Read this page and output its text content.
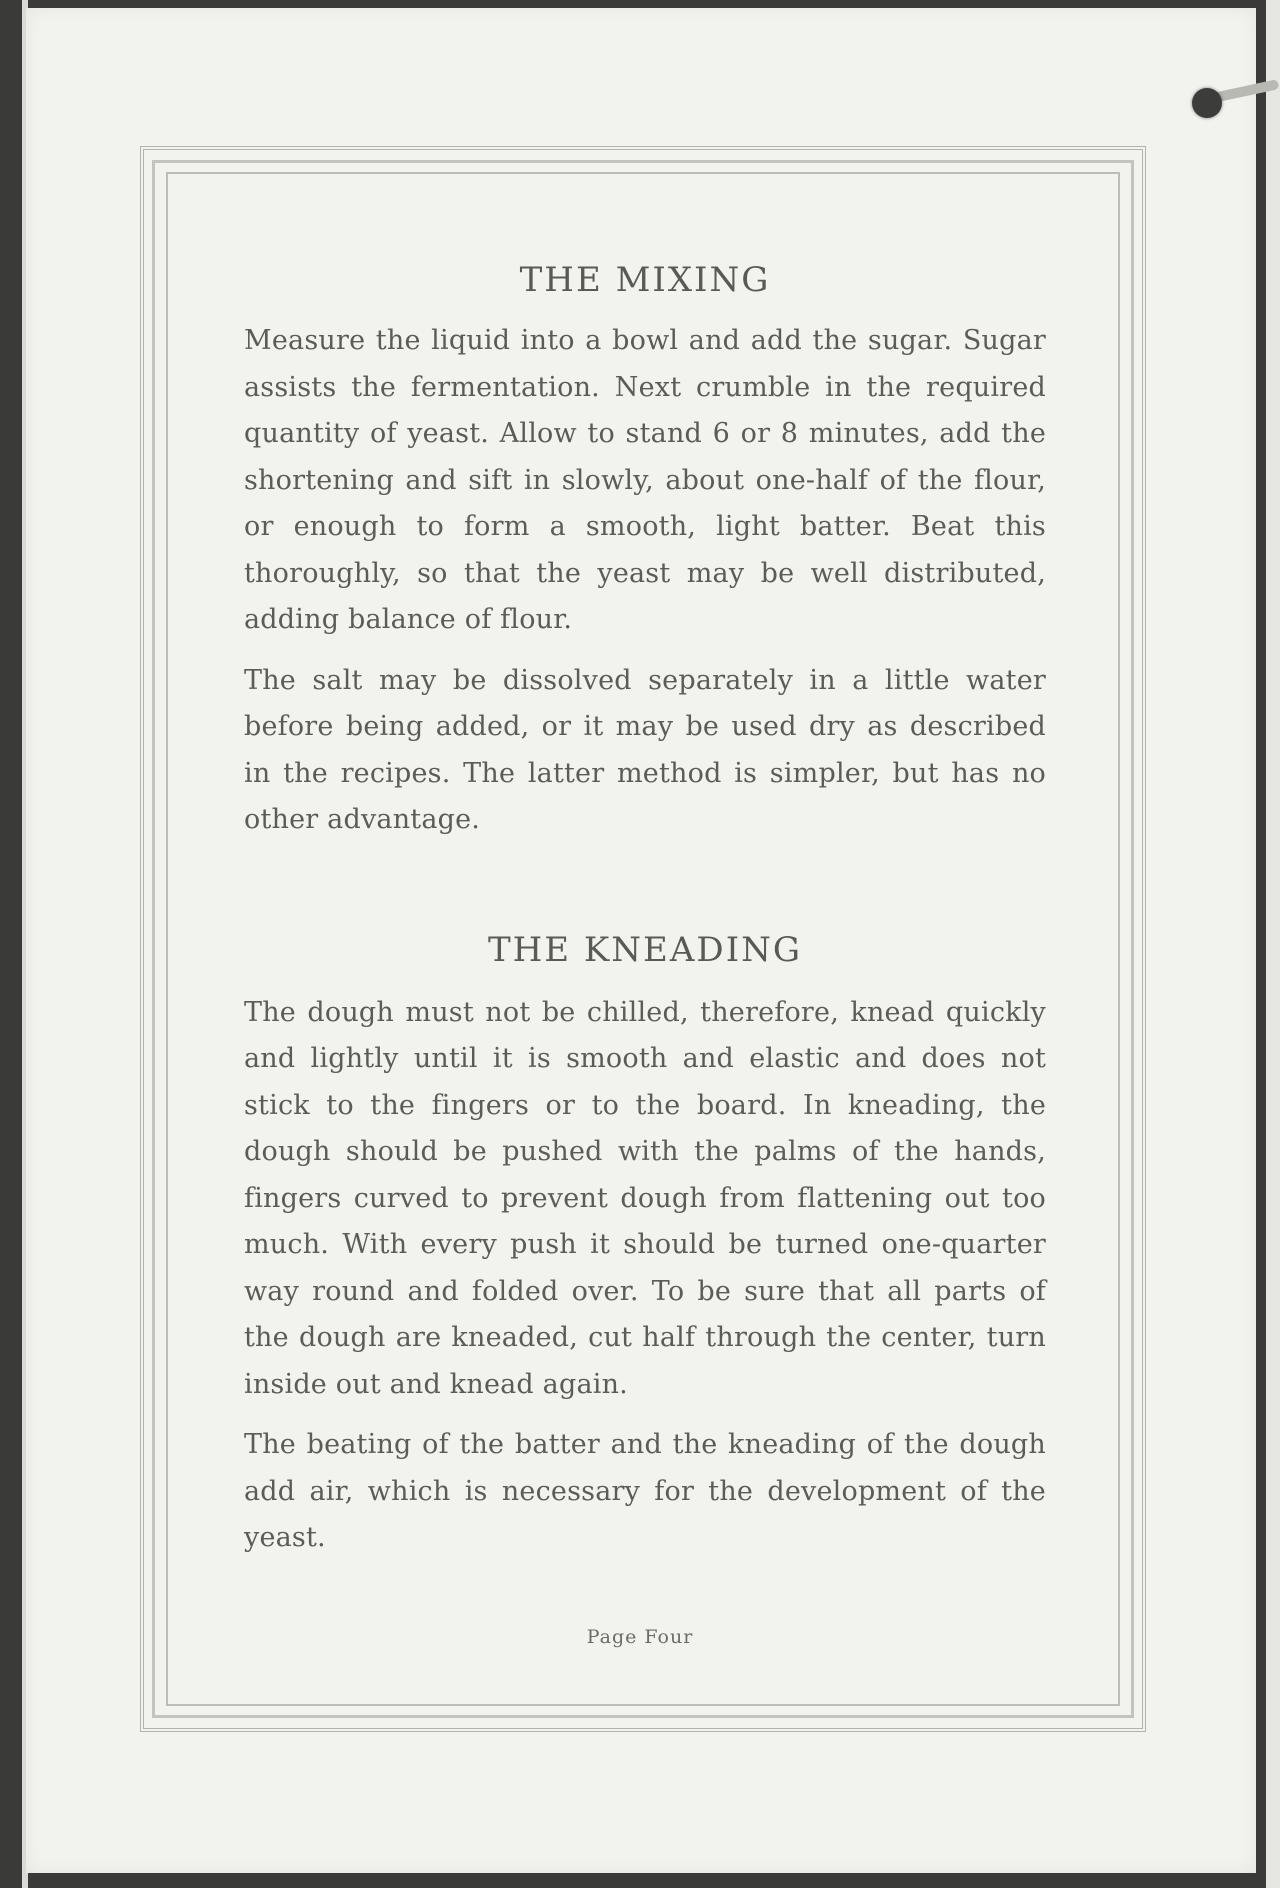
THE MIXING

Measure the liquid into a bowl and add the sugar. Sugar assists the fermentation. Next crumble in the required quantity of yeast. Allow to stand 6 or 8 minutes, add the shortening and sift in slowly, about one-half of the flour, or enough to form a smooth, light batter. Beat this thoroughly, so that the yeast may be well distributed, adding balance of flour.

The salt may be dissolved separately in a little water before being added, or it may be used dry as described in the recipes. The latter method is simpler, but has no other advantage.

THE KNEADING

The dough must not be chilled, therefore, knead quickly and lightly until it is smooth and elastic and does not stick to the fingers or to the board. In kneading, the dough should be pushed with the palms of the hands, fingers curved to prevent dough from flattening out too much. With every push it should be turned one-quarter way round and folded over. To be sure that all parts of the dough are kneaded, cut half through the center, turn inside out and knead again.

The beating of the batter and the kneading of the dough add air, which is necessary for the development of the yeast.

Page Four
